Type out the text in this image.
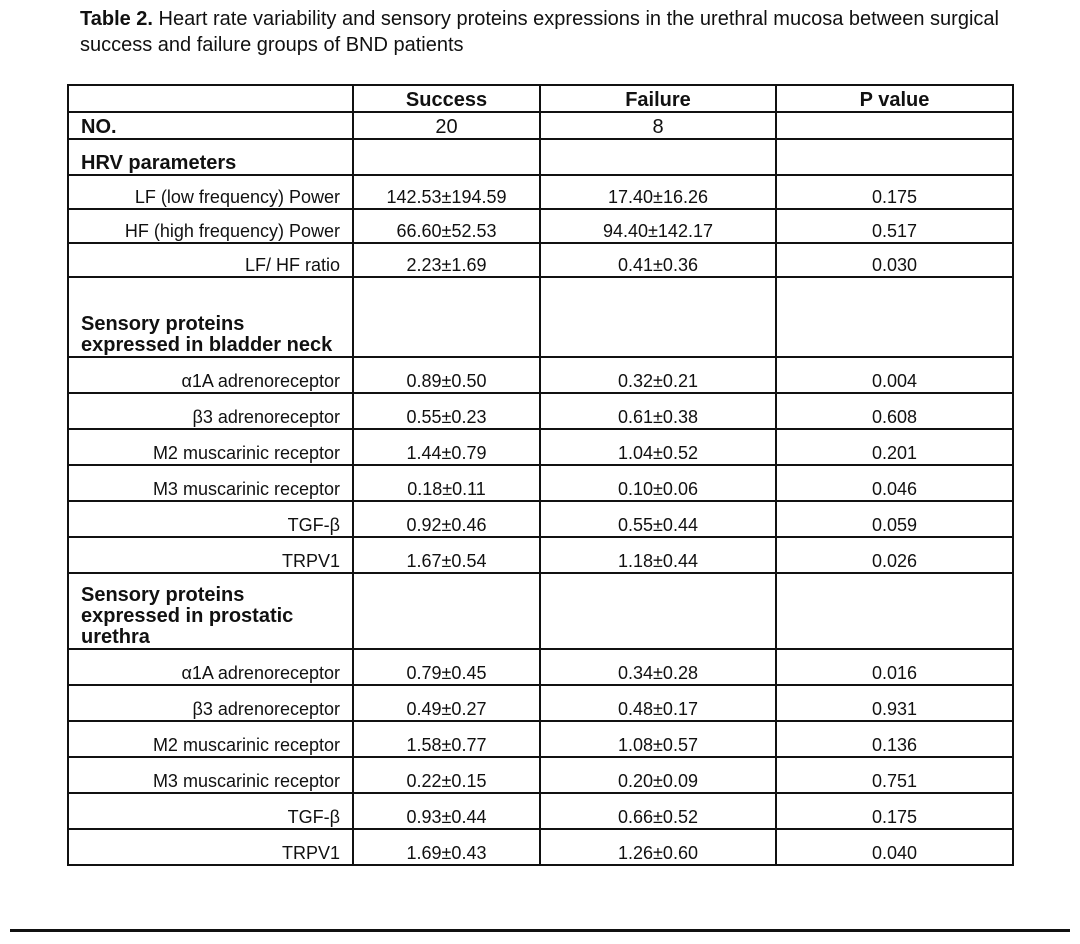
Table 2. Heart rate variability and sensory proteins expressions in the urethral mucosa between surgical success and failure groups of BND patients
	Success	Failure	P value
NO.	20	8	
HRV parameters			
LF (low frequency) Power	142.53±194.59	17.40±16.26	0.175
HF (high frequency) Power	66.60±52.53	94.40±142.17	0.517
LF/ HF ratio	2.23±1.69	0.41±0.36	0.030
Sensory proteins expressed in bladder neck			
α1A adrenoreceptor	0.89±0.50	0.32±0.21	0.004
β3 adrenoreceptor	0.55±0.23	0.61±0.38	0.608
M2 muscarinic receptor	1.44±0.79	1.04±0.52	0.201
M3 muscarinic receptor	0.18±0.11	0.10±0.06	0.046
TGF-β	0.92±0.46	0.55±0.44	0.059
TRPV1	1.67±0.54	1.18±0.44	0.026
Sensory proteins expressed in prostatic urethra			
α1A adrenoreceptor	0.79±0.45	0.34±0.28	0.016
β3 adrenoreceptor	0.49±0.27	0.48±0.17	0.931
M2 muscarinic receptor	1.58±0.77	1.08±0.57	0.136
M3 muscarinic receptor	0.22±0.15	0.20±0.09	0.751
TGF-β	0.93±0.44	0.66±0.52	0.175
TRPV1	1.69±0.43	1.26±0.60	0.040
